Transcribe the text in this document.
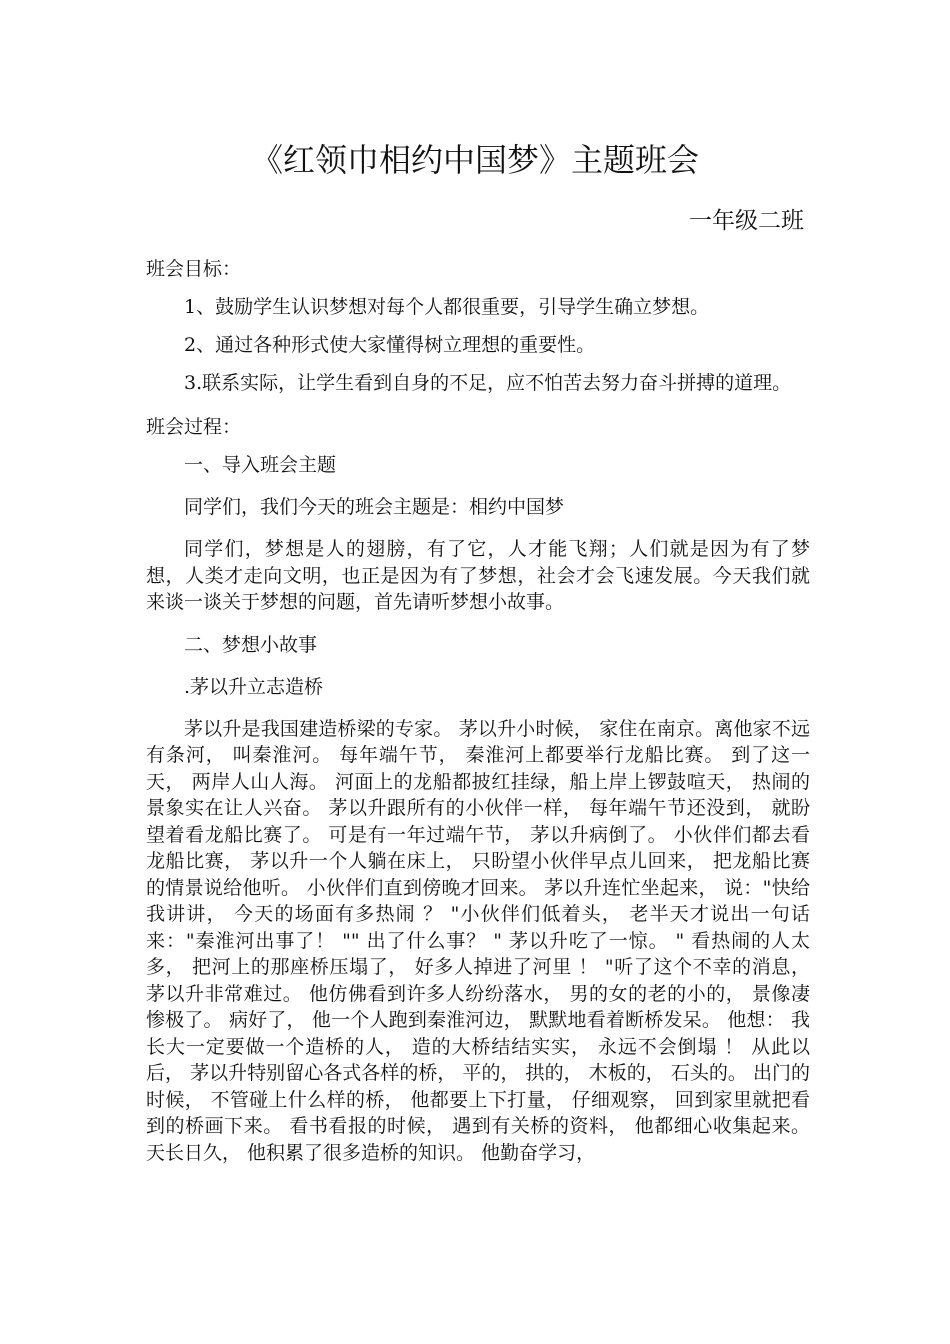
《红领巾相约中国梦》主题班会

一年级二班

班会目标：

1、鼓励学生认识梦想对每个人都很重要，引导学生确立梦想。

2、通过各种形式使大家懂得树立理想的重要性。

3.联系实际，让学生看到自身的不足，应不怕苦去努力奋斗拼搏的道理。

班会过程：

一、导入班会主题

同学们，我们今天的班会主题是：相约中国梦

同学们，梦想是人的翅膀，有了它，人才能飞翔；人们就是因为有了梦想，人类才走向文明，也正是因为有了梦想，社会才会飞速发展。今天我们就来谈一谈关于梦想的问题，首先请听梦想小故事。

二、梦想小故事

.茅以升立志造桥

茅以升是我国建造桥梁的专家。 茅以升小时候， 家住在南京。离他家不远有条河， 叫秦淮河。 每年端午节， 秦淮河上都要举行龙船比赛。 到了这一天， 两岸人山人海。 河面上的龙船都披红挂绿，船上岸上锣鼓喧天， 热闹的景象实在让人兴奋。 茅以升跟所有的小伙伴一样， 每年端午节还没到， 就盼望着看龙船比赛了。 可是有一年过端午节， 茅以升病倒了。 小伙伴们都去看龙船比赛， 茅以升一个人躺在床上， 只盼望小伙伴早点儿回来， 把龙船比赛的情景说给他听。 小伙伴们直到傍晚才回来。 茅以升连忙坐起来， 说："快给我讲讲， 今天的场面有多热闹 ？ "小伙伴们低着头， 老半天才说出一句话来："秦淮河出事了！ "" 出了什么事？ " 茅以升吃了一惊。 " 看热闹的人太多， 把河上的那座桥压塌了， 好多人掉进了河里 ！ "听了这个不幸的消息， 茅以升非常难过。 他仿佛看到许多人纷纷落水， 男的女的老的小的， 景像凄惨极了。 病好了， 他一个人跑到秦淮河边， 默默地看着断桥发呆。 他想： 我长大一定要做一个造桥的人， 造的大桥结结实实， 永远不会倒塌 ！ 从此以后， 茅以升特别留心各式各样的桥， 平的， 拱的， 木板的， 石头的。 出门的时候， 不管碰上什么样的桥， 他都要上下打量， 仔细观察， 回到家里就把看到的桥画下来。 看书看报的时候， 遇到有关桥的资料， 他都细心收集起来。 天长日久， 他积累了很多造桥的知识。 他勤奋学习，
